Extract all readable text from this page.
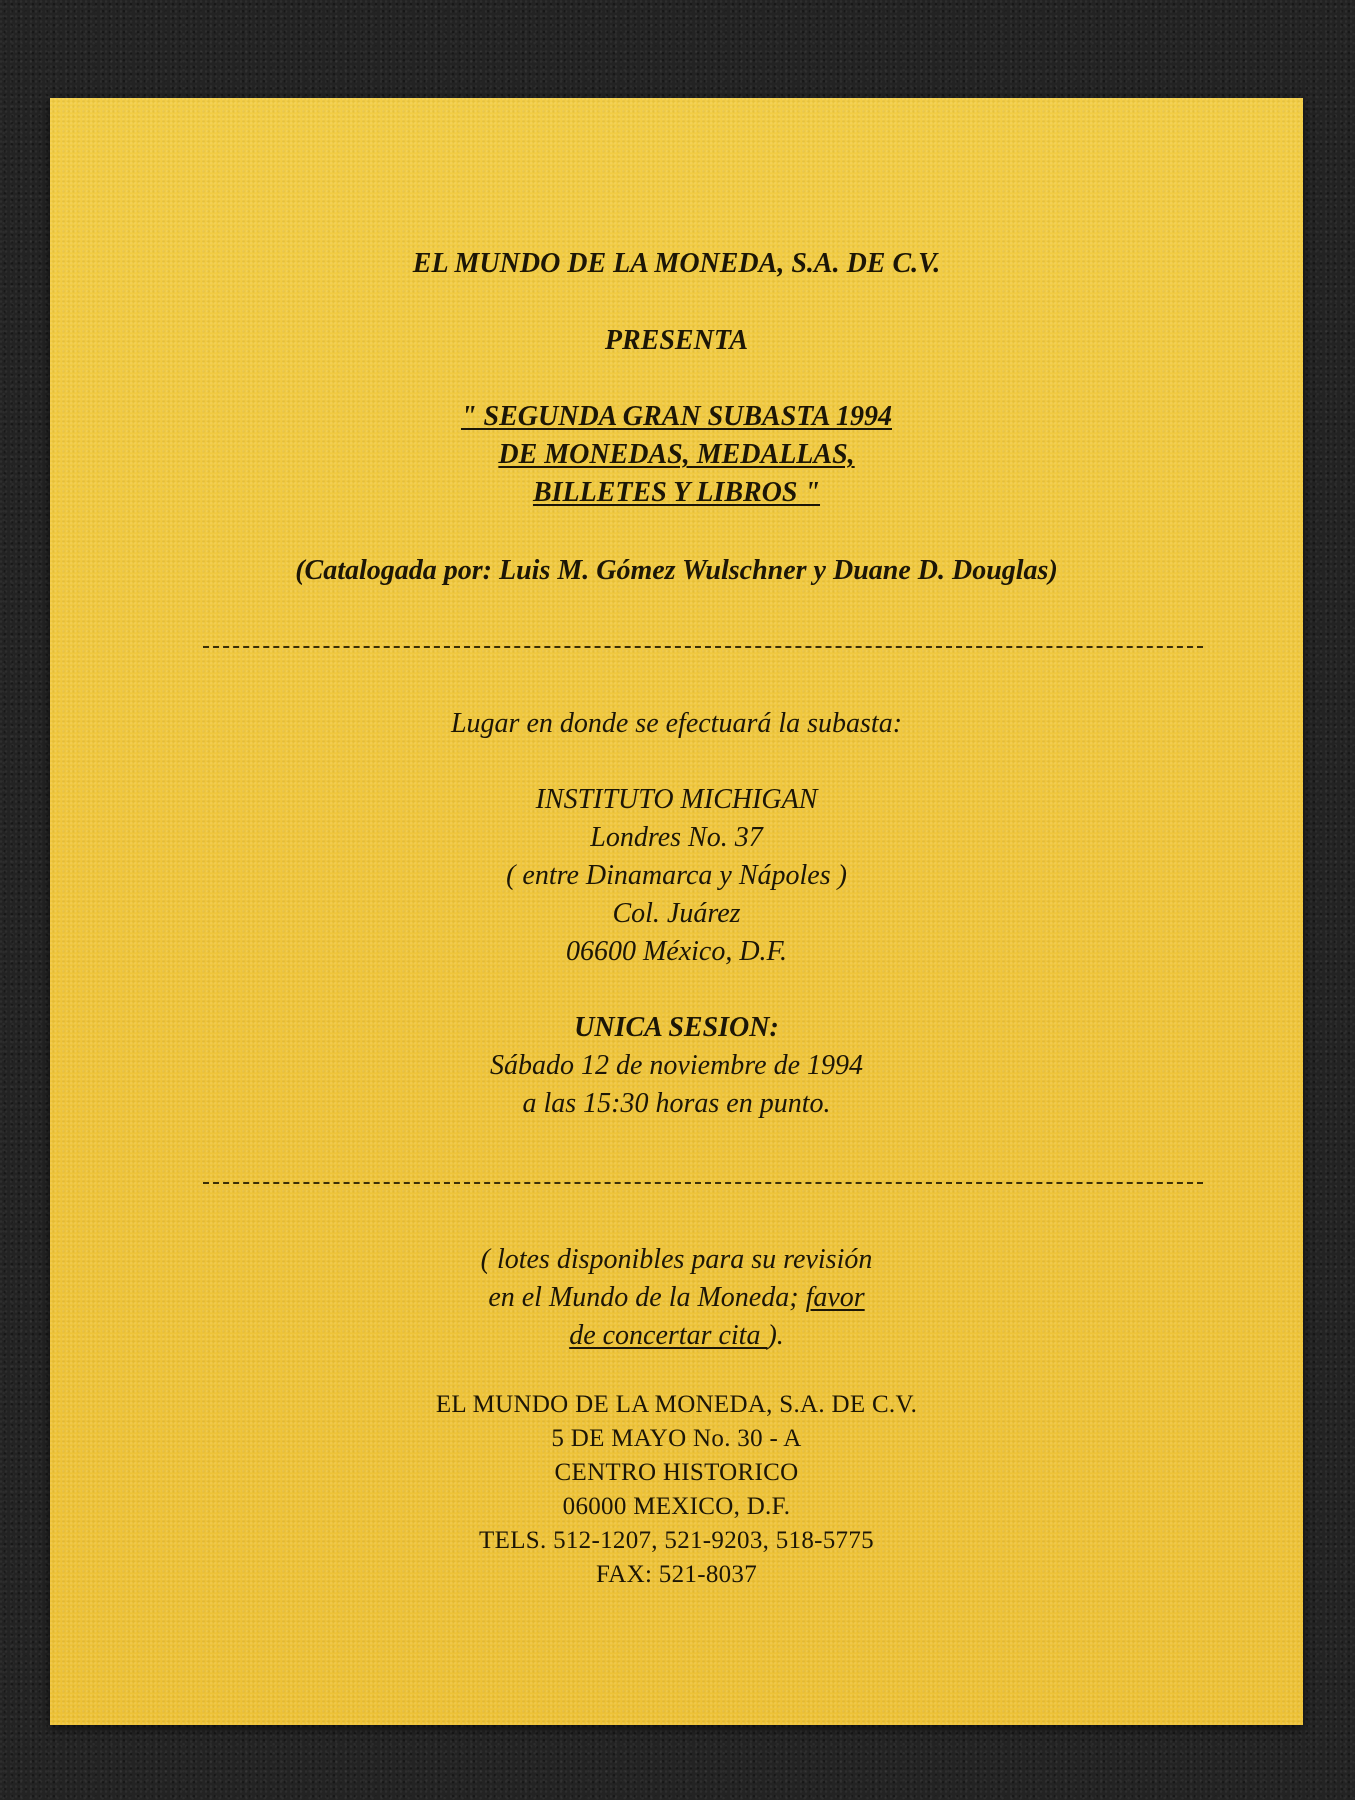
EL MUNDO DE LA MONEDA, S.A. DE C.V.
PRESENTA
" SEGUNDA GRAN SUBASTA 1994
DE MONEDAS, MEDALLAS,
BILLETES Y LIBROS "
(Catalogada por: Luis M. Gómez Wulschner y Duane D. Douglas)
Lugar en donde se efectuará la subasta:
INSTITUTO MICHIGAN
Londres No. 37
( entre Dinamarca y Nápoles )
Col. Juárez
06600 México, D.F.
UNICA SESION:
Sábado 12 de noviembre de 1994
a las 15:30 horas en punto.
( lotes disponibles para su revisión
en el Mundo de la Moneda; favor
de concertar cita ).
EL MUNDO DE LA MONEDA, S.A. DE C.V.
5 DE MAYO No. 30 - A
CENTRO HISTORICO
06000 MEXICO, D.F.
TELS. 512-1207, 521-9203, 518-5775
FAX: 521-8037
